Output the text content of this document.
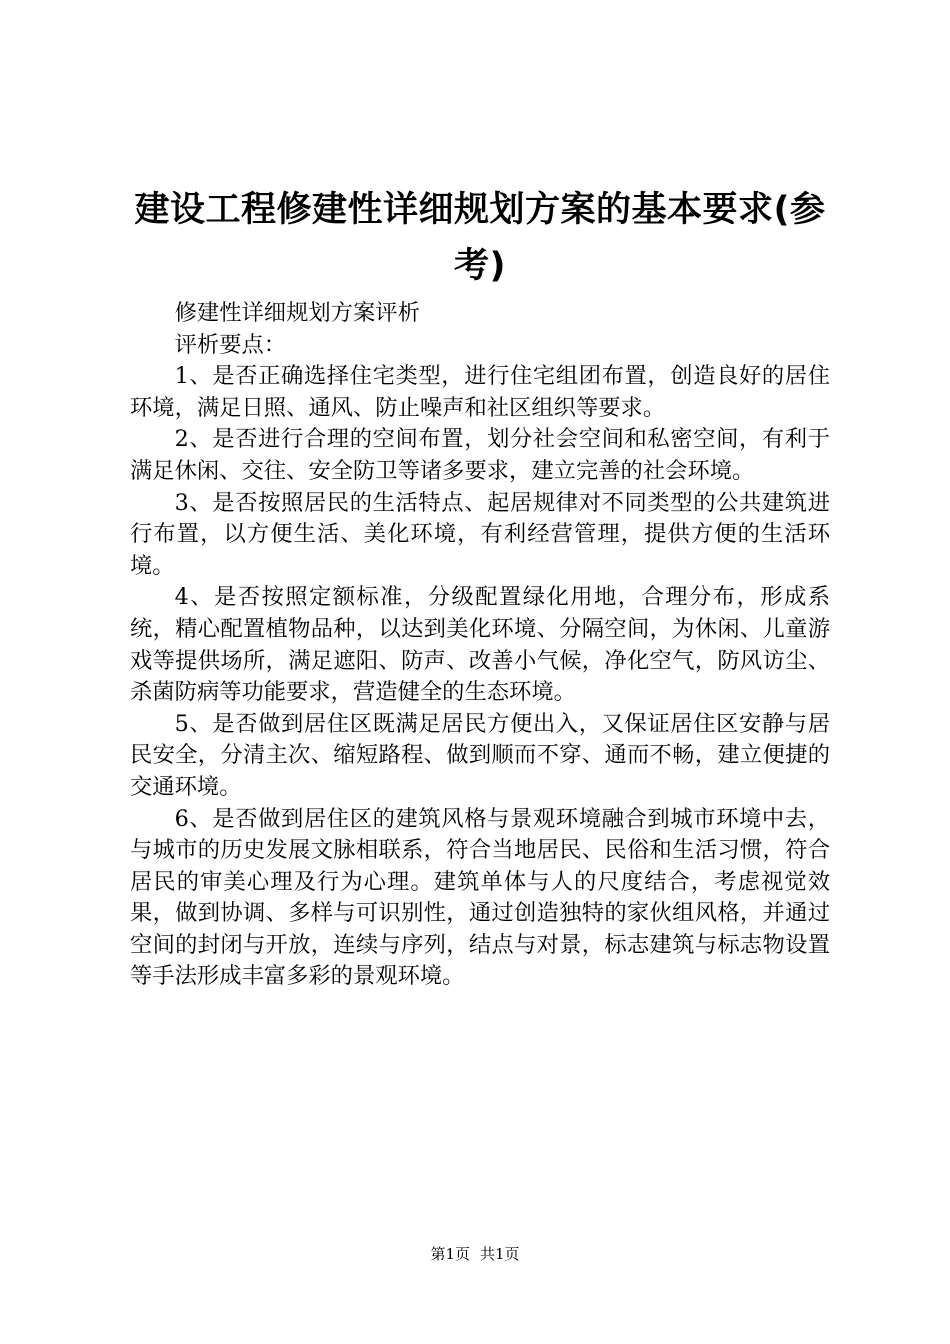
建设工程修建性详细规划方案的基本要求(参考)

修建性详细规划方案评析

评析要点：

1、是否正确选择住宅类型，进行住宅组团布置，创造良好的居住环境，满足日照、通风、防止噪声和社区组织等要求。

2、是否进行合理的空间布置，划分社会空间和私密空间，有利于满足休闲、交往、安全防卫等诸多要求，建立完善的社会环境。

3、是否按照居民的生活特点、起居规律对不同类型的公共建筑进行布置，以方便生活、美化环境，有利经营管理，提供方便的生活环境。

4、是否按照定额标准，分级配置绿化用地，合理分布，形成系统，精心配置植物品种，以达到美化环境、分隔空间，为休闲、儿童游戏等提供场所，满足遮阳、防声、改善小气候，净化空气，防风访尘、杀菌防病等功能要求，营造健全的生态环境。

5、是否做到居住区既满足居民方便出入，又保证居住区安静与居民安全，分清主次、缩短路程、做到顺而不穿、通而不畅，建立便捷的交通环境。

6、是否做到居住区的建筑风格与景观环境融合到城市环境中去，与城市的历史发展文脉相联系，符合当地居民、民俗和生活习惯，符合居民的审美心理及行为心理。建筑单体与人的尺度结合，考虑视觉效果，做到协调、多样与可识别性，通过创造独特的家伙组风格，并通过空间的封闭与开放，连续与序列，结点与对景，标志建筑与标志物设置等手法形成丰富多彩的景观环境。

第1页 共1页
